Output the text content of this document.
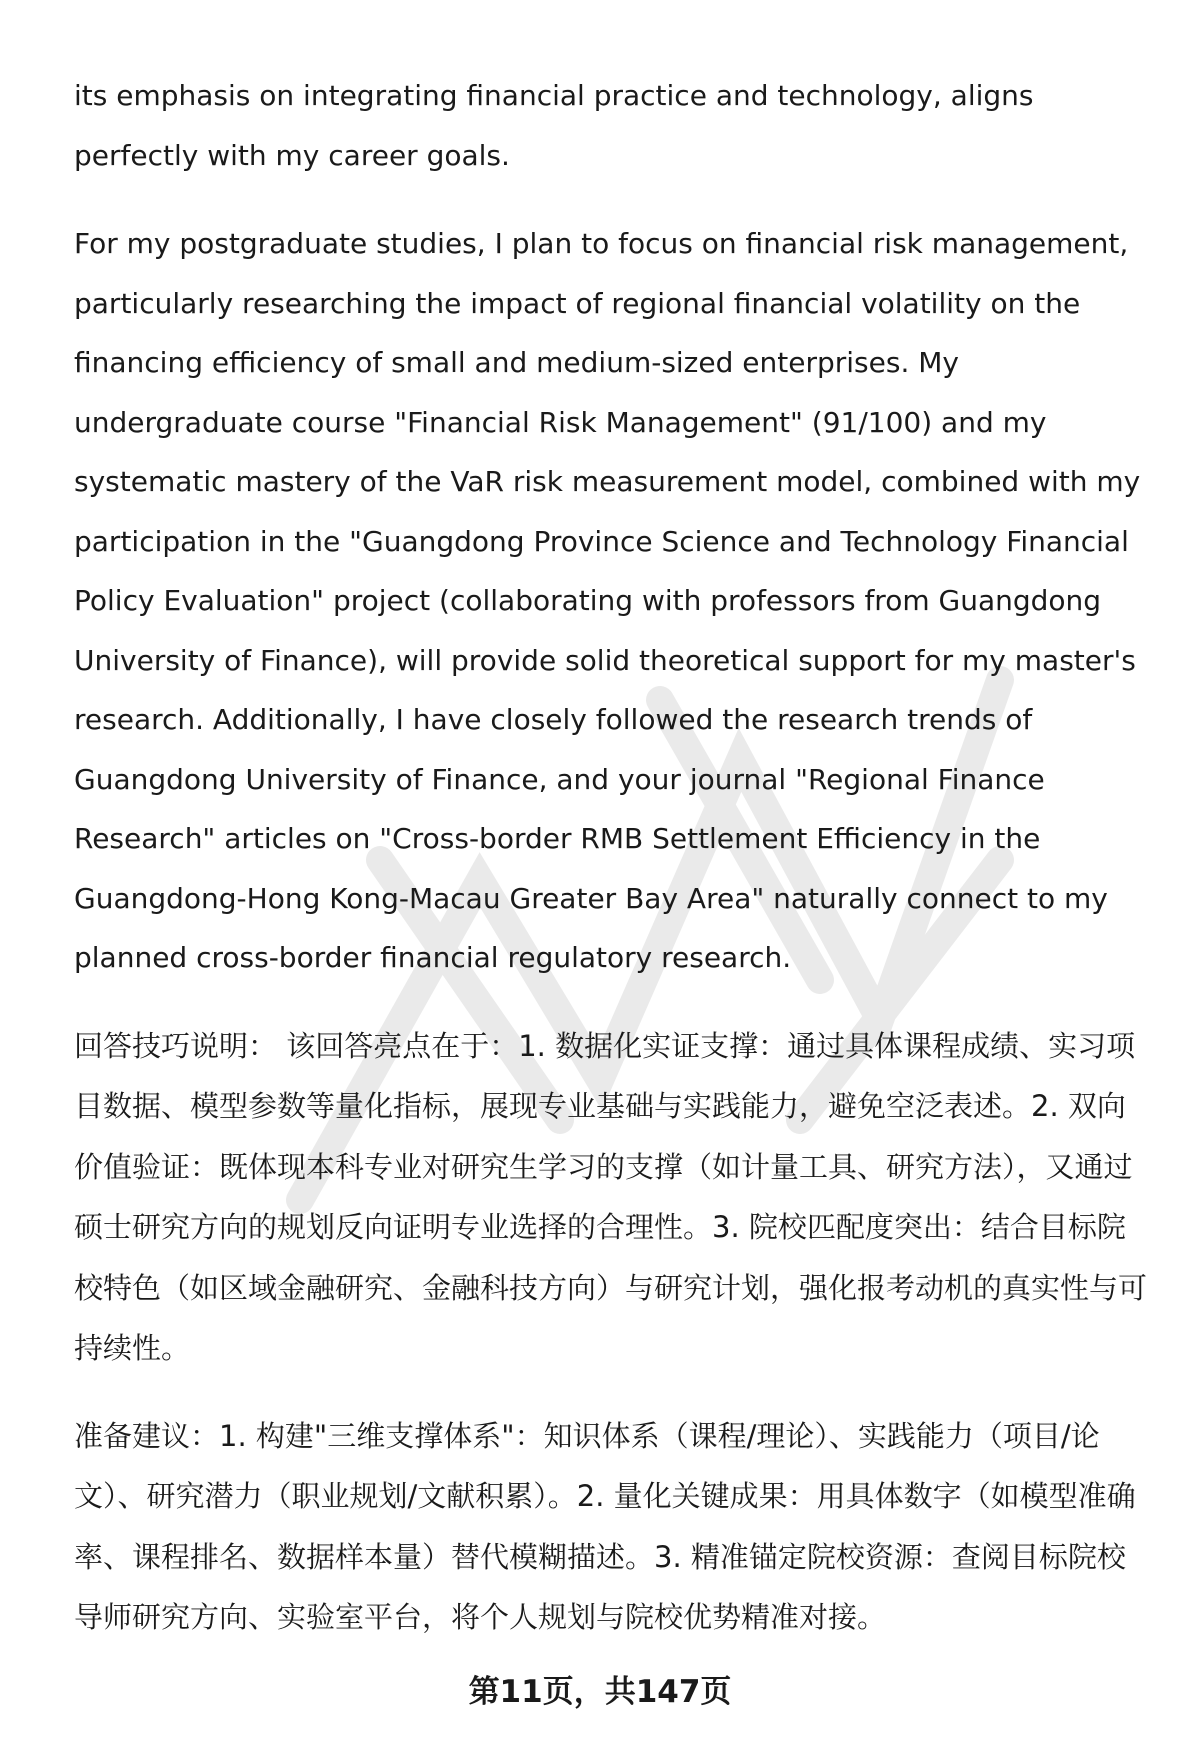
its emphasis on integrating financial practice and technology, aligns perfectly with my career goals.

For my postgraduate studies, I plan to focus on financial risk management, particularly researching the impact of regional financial volatility on the financing efficiency of small and medium-sized enterprises. My undergraduate course "Financial Risk Management" (91/100) and my systematic mastery of the VaR risk measurement model, combined with my participation in the "Guangdong Province Science and Technology Financial Policy Evaluation" project (collaborating with professors from Guangdong University of Finance), will provide solid theoretical support for my master's research. Additionally, I have closely followed the research trends of Guangdong University of Finance, and your journal "Regional Finance Research" articles on "Cross-border RMB Settlement Efficiency in the Guangdong-Hong Kong-Macau Greater Bay Area" naturally connect to my planned cross-border financial regulatory research.

回答技巧说明： 该回答亮点在于：1. 数据化实证支撑：通过具体课程成绩、实习项目数据、模型参数等量化指标，展现专业基础与实践能力，避免空泛表述。2. 双向价值验证：既体现本科专业对研究生学习的支撑（如计量工具、研究方法），又通过硕士研究方向的规划反向证明专业选择的合理性。3. 院校匹配度突出：结合目标院校特色（如区域金融研究、金融科技方向）与研究计划，强化报考动机的真实性与可持续性。

准备建议：1. 构建"三维支撑体系"：知识体系（课程/理论）、实践能力（项目/论文）、研究潜力（职业规划/文献积累）。2. 量化关键成果：用具体数字（如模型准确率、课程排名、数据样本量）替代模糊描述。3. 精准锚定院校资源：查阅目标院校导师研究方向、实验室平台，将个人规划与院校优势精准对接。

第11页，共147页
